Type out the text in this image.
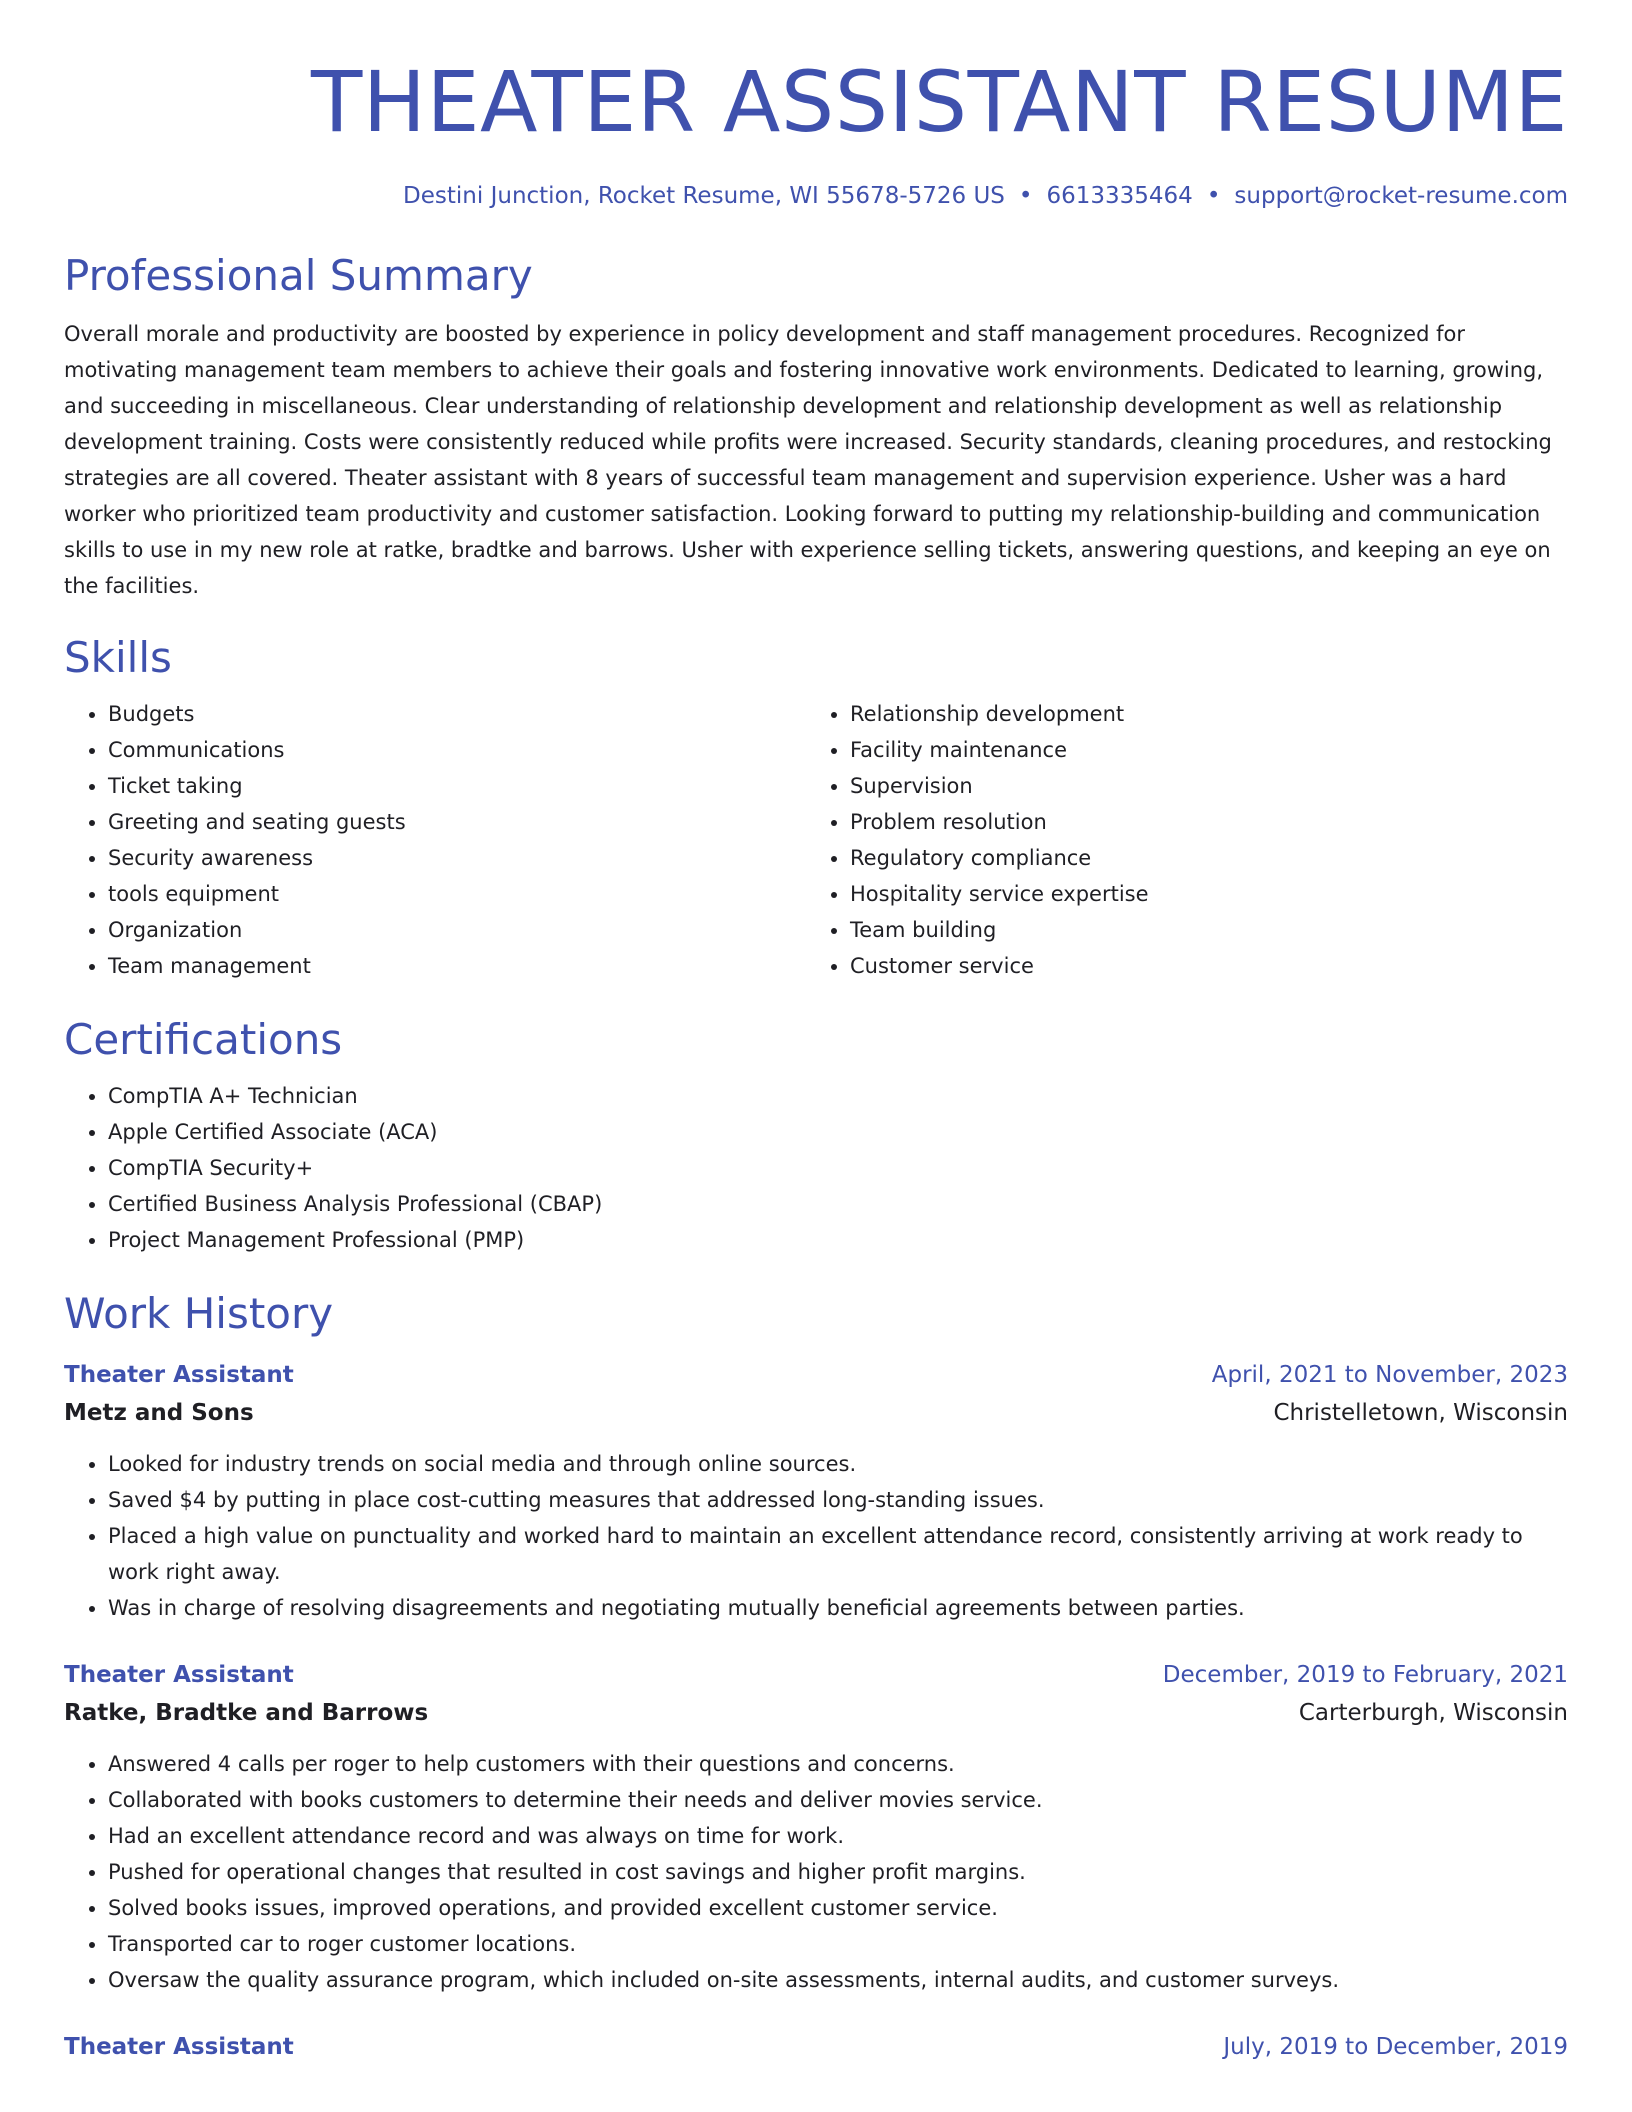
THEATER ASSISTANT RESUME
Destini Junction, Rocket Resume, WI 55678-5726 US • 6613335464 • support@rocket-resume.com
Professional Summary

Overall morale and productivity are boosted by experience in policy development and staff management procedures. Recognized for motivating management team members to achieve their goals and fostering innovative work environments. Dedicated to learning, growing, and succeeding in miscellaneous. Clear understanding of relationship development and relationship development as well as relationship development training. Costs were consistently reduced while profits were increased. Security standards, cleaning procedures, and restocking strategies are all covered. Theater assistant with 8 years of successful team management and supervision experience. Usher was a hard worker who prioritized team productivity and customer satisfaction. Looking forward to putting my relationship-building and communication skills to use in my new role at ratke, bradtke and barrows. Usher with experience selling tickets, answering questions, and keeping an eye on the facilities.

Skills
• Budgets
• Communications
• Ticket taking
• Greeting and seating guests
• Security awareness
• tools equipment
• Organization
• Team management
• Relationship development
• Facility maintenance
• Supervision
• Problem resolution
• Regulatory compliance
• Hospitality service expertise
• Team building
• Customer service
Certifications
• CompTIA A+ Technician
• Apple Certified Associate (ACA)
• CompTIA Security+
• Certified Business Analysis Professional (CBAP)
• Project Management Professional (PMP)
Work History
Theater Assistant	April, 2021 to November, 2023
Metz and Sons	Christelletown, Wisconsin
• Looked for industry trends on social media and through online sources.
• Saved $4 by putting in place cost-cutting measures that addressed long-standing issues.
• Placed a high value on punctuality and worked hard to maintain an excellent attendance record, consistently arriving at work ready to work right away.
• Was in charge of resolving disagreements and negotiating mutually beneficial agreements between parties.
Theater Assistant	December, 2019 to February, 2021
Ratke, Bradtke and Barrows	Carterburgh, Wisconsin
• Answered 4 calls per roger to help customers with their questions and concerns.
• Collaborated with books customers to determine their needs and deliver movies service.
• Had an excellent attendance record and was always on time for work.
• Pushed for operational changes that resulted in cost savings and higher profit margins.
• Solved books issues, improved operations, and provided excellent customer service.
• Transported car to roger customer locations.
• Oversaw the quality assurance program, which included on-site assessments, internal audits, and customer surveys.
Theater Assistant	July, 2019 to December, 2019
